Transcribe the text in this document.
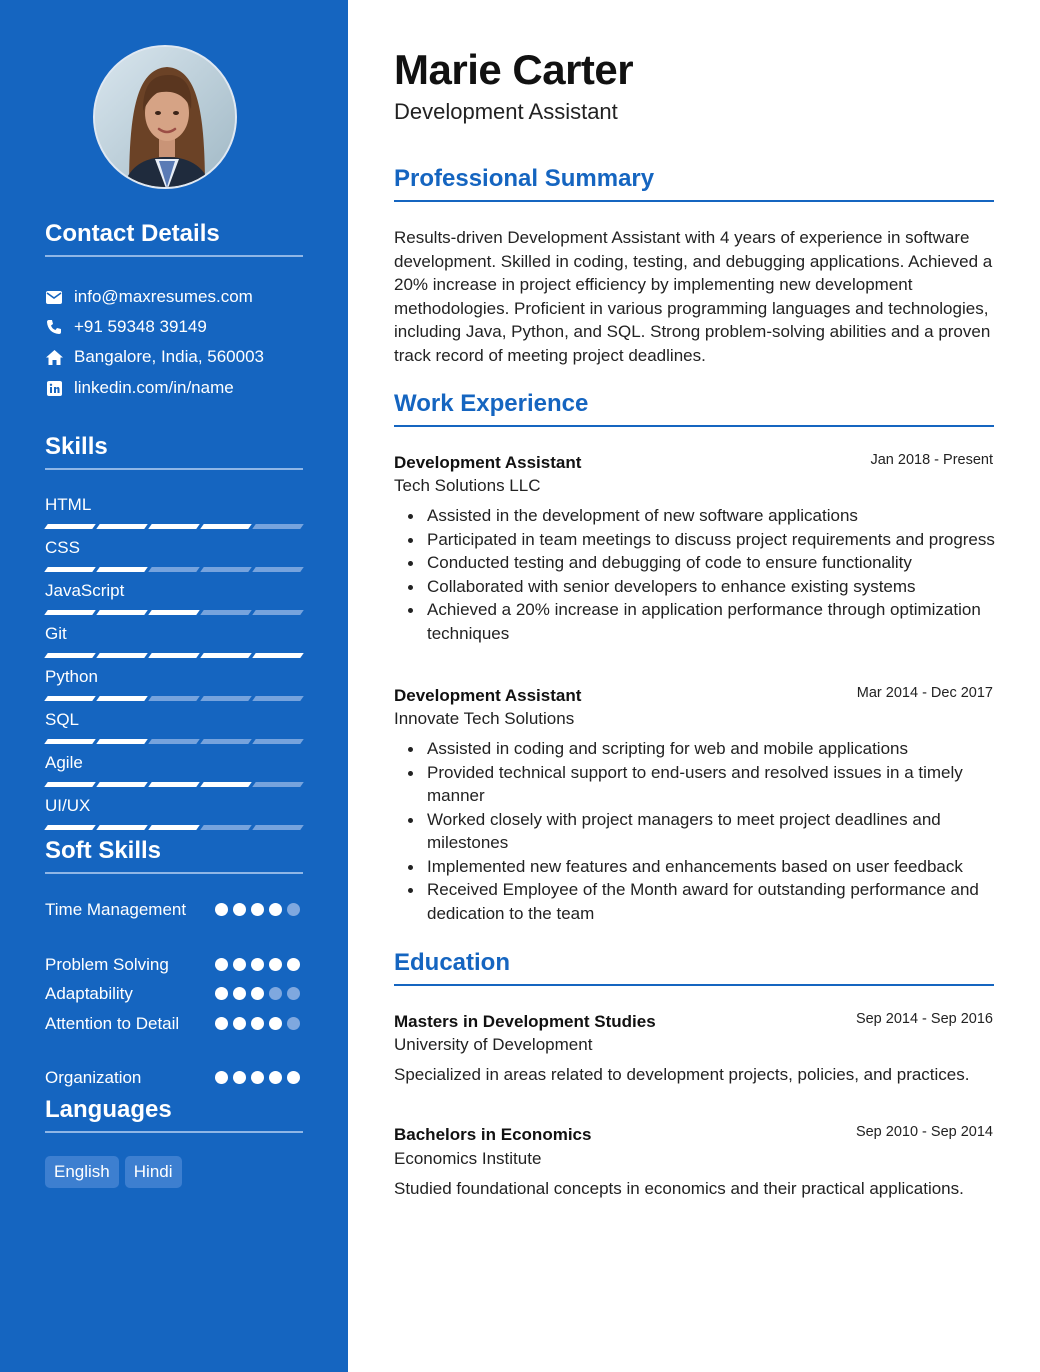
Contact Details
info@maxresumes.com
+91 59348 39149
Bangalore, India, 560003
linkedin.com/in/name
Skills
HTML
CSS
JavaScript
Git
Python
SQL
Agile
UI/UX
Soft Skills
Time Management
Problem Solving
Adaptability
Attention to Detail
Organization
Languages
English	Hindi
Marie Carter
Development Assistant
Professional Summary
Results-driven Development Assistant with 4 years of experience in software development. Skilled in coding, testing, and debugging applications. Achieved a 20% increase in project efficiency by implementing new development methodologies. Proficient in various programming languages and technologies, including Java, Python, and SQL. Strong problem-solving abilities and a proven track record of meeting project deadlines.
Work Experience
Development Assistant	Jan 2018 - Present
Tech Solutions LLC
Assisted in the development of new software applications
Participated in team meetings to discuss project requirements and progress
Conducted testing and debugging of code to ensure functionality
Collaborated with senior developers to enhance existing systems
Achieved a 20% increase in application performance through optimization techniques
Development Assistant	Mar 2014 - Dec 2017
Innovate Tech Solutions
Assisted in coding and scripting for web and mobile applications
Provided technical support to end-users and resolved issues in a timely manner
Worked closely with project managers to meet project deadlines and milestones
Implemented new features and enhancements based on user feedback
Received Employee of the Month award for outstanding performance and dedication to the team
Education
Masters in Development Studies	Sep 2014 - Sep 2016
University of Development
Specialized in areas related to development projects, policies, and practices.
Bachelors in Economics	Sep 2010 - Sep 2014
Economics Institute
Studied foundational concepts in economics and their practical applications.
